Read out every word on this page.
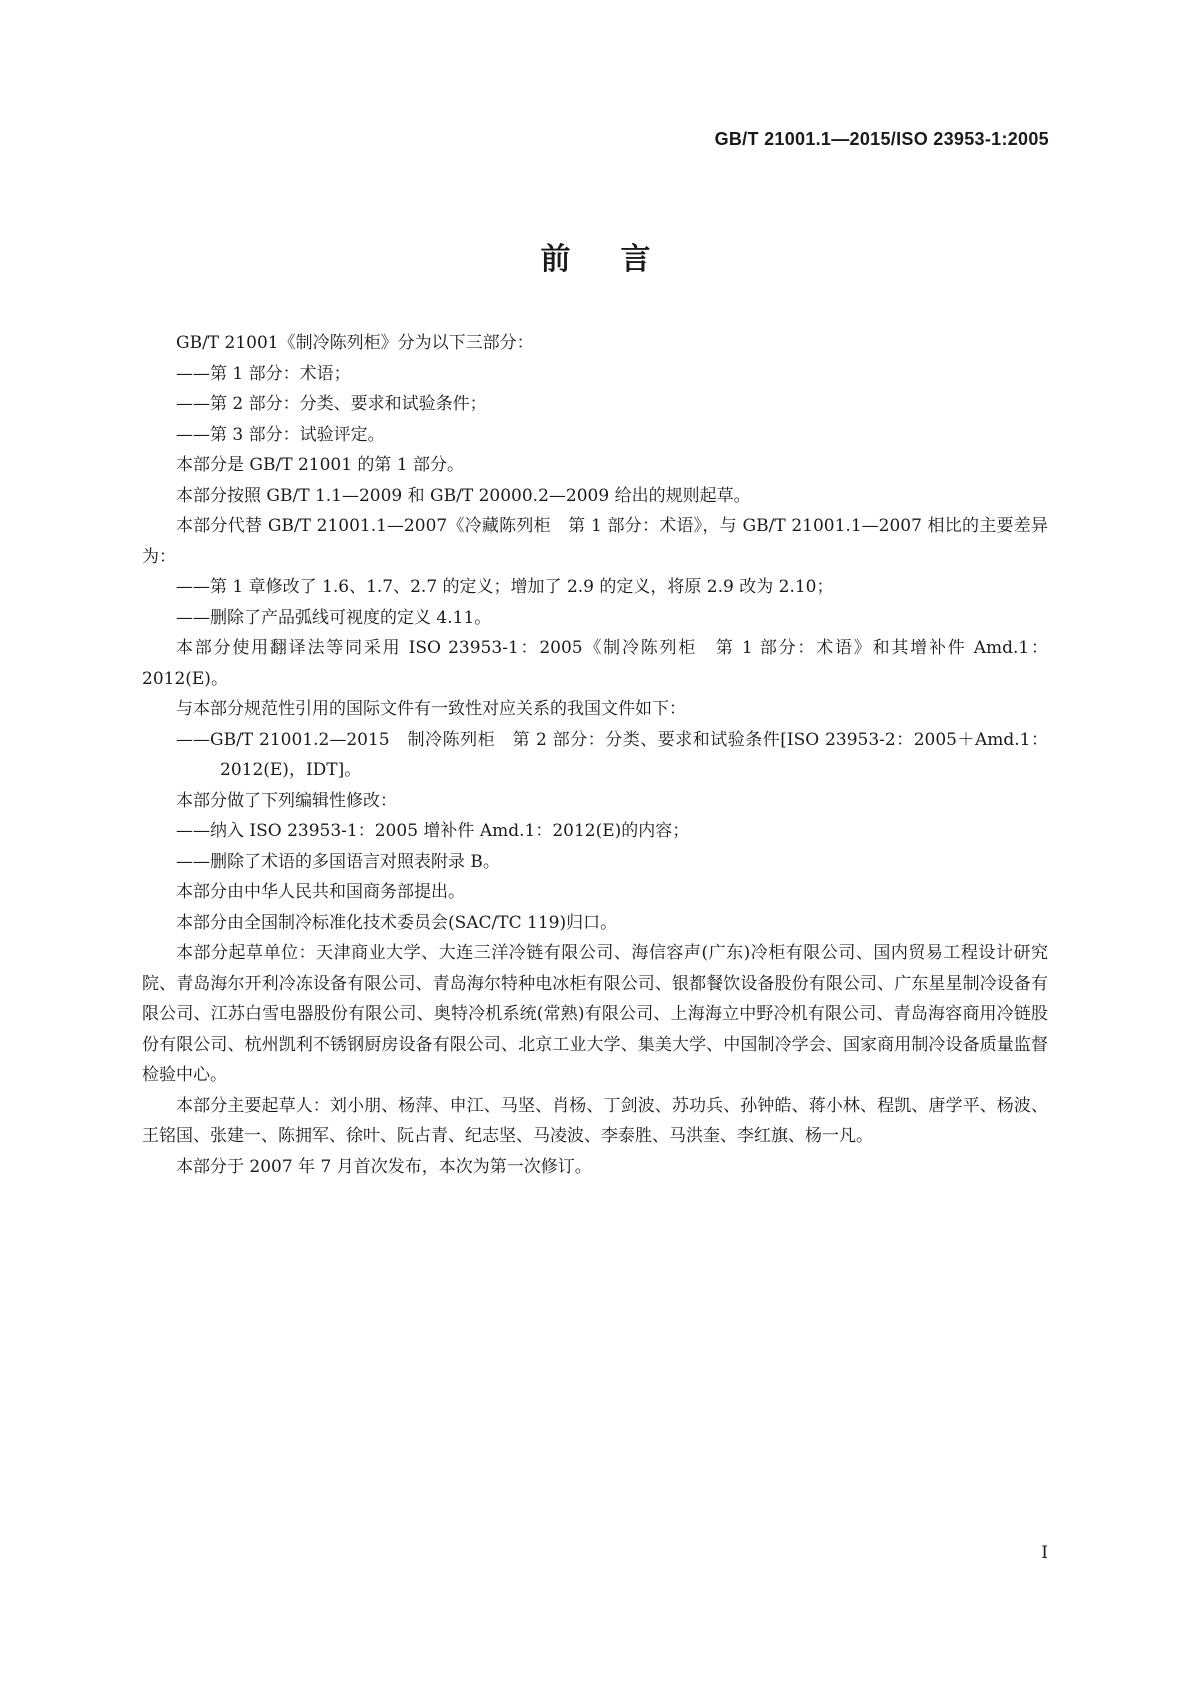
GB/T 21001.1—2015/ISO 23953-1:2005
前言

GB/T 21001《制冷陈列柜》分为以下三部分：

——第 1 部分：术语；

——第 2 部分：分类、要求和试验条件；

——第 3 部分：试验评定。

本部分是 GB/T 21001 的第 1 部分。

本部分按照 GB/T 1.1—2009 和 GB/T 20000.2—2009 给出的规则起草。

本部分代替 GB/T 21001.1—2007《冷藏陈列柜　第 1 部分：术语》，与 GB/T 21001.1—2007 相比的主要差异为：

——第 1 章修改了 1.6、1.7、2.7 的定义；增加了 2.9 的定义，将原 2.9 改为 2.10；

——删除了产品弧线可视度的定义 4.11。

本部分使用翻译法等同采用 ISO 23953-1：2005《制冷陈列柜　第 1 部分：术语》和其增补件 Amd.1：2012(E)。

与本部分规范性引用的国际文件有一致性对应关系的我国文件如下：

——GB/T 21001.2—2015　制冷陈列柜　第 2 部分：分类、要求和试验条件[ISO 23953-2：2005＋Amd.1：2012(E)，IDT]。

本部分做了下列编辑性修改：

——纳入 ISO 23953-1：2005 增补件 Amd.1：2012(E)的内容；

——删除了术语的多国语言对照表附录 B。

本部分由中华人民共和国商务部提出。

本部分由全国制冷标准化技术委员会(SAC/TC 119)归口。

本部分起草单位：天津商业大学、大连三洋冷链有限公司、海信容声(广东)冷柜有限公司、国内贸易工程设计研究院、青岛海尔开利冷冻设备有限公司、青岛海尔特种电冰柜有限公司、银都餐饮设备股份有限公司、广东星星制冷设备有限公司、江苏白雪电器股份有限公司、奥特冷机系统(常熟)有限公司、上海海立中野冷机有限公司、青岛海容商用冷链股份有限公司、杭州凯利不锈钢厨房设备有限公司、北京工业大学、集美大学、中国制冷学会、国家商用制冷设备质量监督检验中心。

本部分主要起草人：刘小朋、杨萍、申江、马坚、肖杨、丁剑波、苏功兵、孙钟皓、蒋小林、程凯、唐学平、杨波、王铭国、张建一、陈拥军、徐叶、阮占青、纪志坚、马凌波、李泰胜、马洪奎、李红旗、杨一凡。

本部分于 2007 年 7 月首次发布，本次为第一次修订。

I
